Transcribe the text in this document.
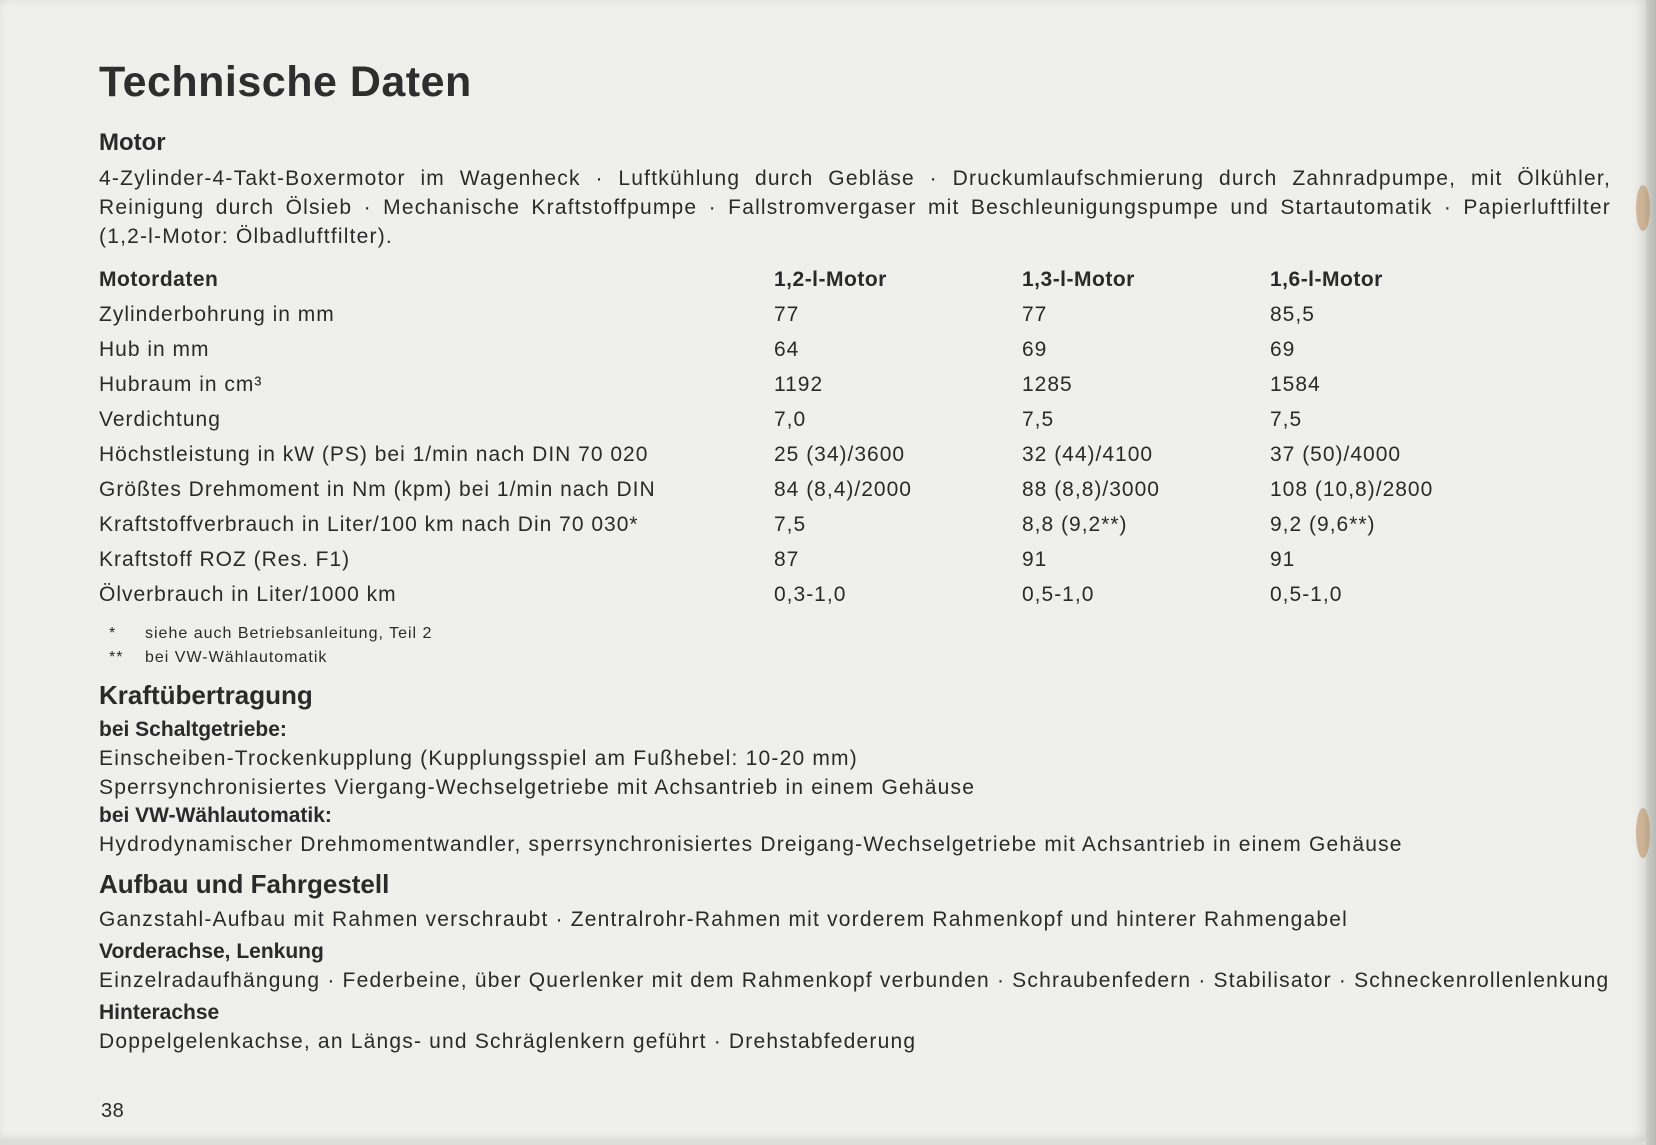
Technische Daten
Motor

4-Zylinder-4-Takt-Boxermotor im Wagenheck · Luftkühlung durch Gebläse · Druckumlaufschmierung durch Zahnradpumpe, mit Ölkühler, Reinigung durch Ölsieb · Mechanische Kraftstoffpumpe · Fallstromvergaser mit Beschleunigungspumpe und Startautomatik · Papierluftfilter (1,2-l-Motor: Ölbadluftfilter).

Motordaten	1,2-l-Motor	1,3-l-Motor	1,6-l-Motor
Zylinderbohrung in mm	77	77	85,5
Hub in mm	64	69	69
Hubraum in cm³	1192	1285	1584
Verdichtung	7,0	7,5	7,5
Höchstleistung in kW (PS) bei 1/min nach DIN 70 020	25 (34)/3600	32 (44)/4100	37 (50)/4000
Größtes Drehmoment in Nm (kpm) bei 1/min nach DIN	84 (8,4)/2000	88 (8,8)/3000	108 (10,8)/2800
Kraftstoffverbrauch in Liter/100 km nach Din 70 030*	7,5	8,8 (9,2**)	9,2 (9,6**)
Kraftstoff ROZ (Res. F1)	87	91	91
Ölverbrauch in Liter/1000 km	0,3-1,0	0,5-1,0	0,5-1,0
* siehe auch Betriebsanleitung, Teil 2
** bei VW-Wählautomatik
Kraftübertragung
bei Schaltgetriebe:

Einscheiben-Trockenkupplung (Kupplungsspiel am Fußhebel: 10-20 mm)

Sperrsynchronisiertes Viergang-Wechselgetriebe mit Achsantrieb in einem Gehäuse

bei VW-Wählautomatik:

Hydrodynamischer Drehmomentwandler, sperrsynchronisiertes Dreigang-Wechselgetriebe mit Achsantrieb in einem Gehäuse

Aufbau und Fahrgestell

Ganzstahl-Aufbau mit Rahmen verschraubt · Zentralrohr-Rahmen mit vorderem Rahmenkopf und hinterer Rahmengabel

Vorderachse, Lenkung

Einzelradaufhängung · Federbeine, über Querlenker mit dem Rahmenkopf verbunden · Schraubenfedern · Stabilisator · Schneckenrollenlenkung

Hinterachse

Doppelgelenkachse, an Längs- und Schräglenkern geführt · Drehstabfederung

38
